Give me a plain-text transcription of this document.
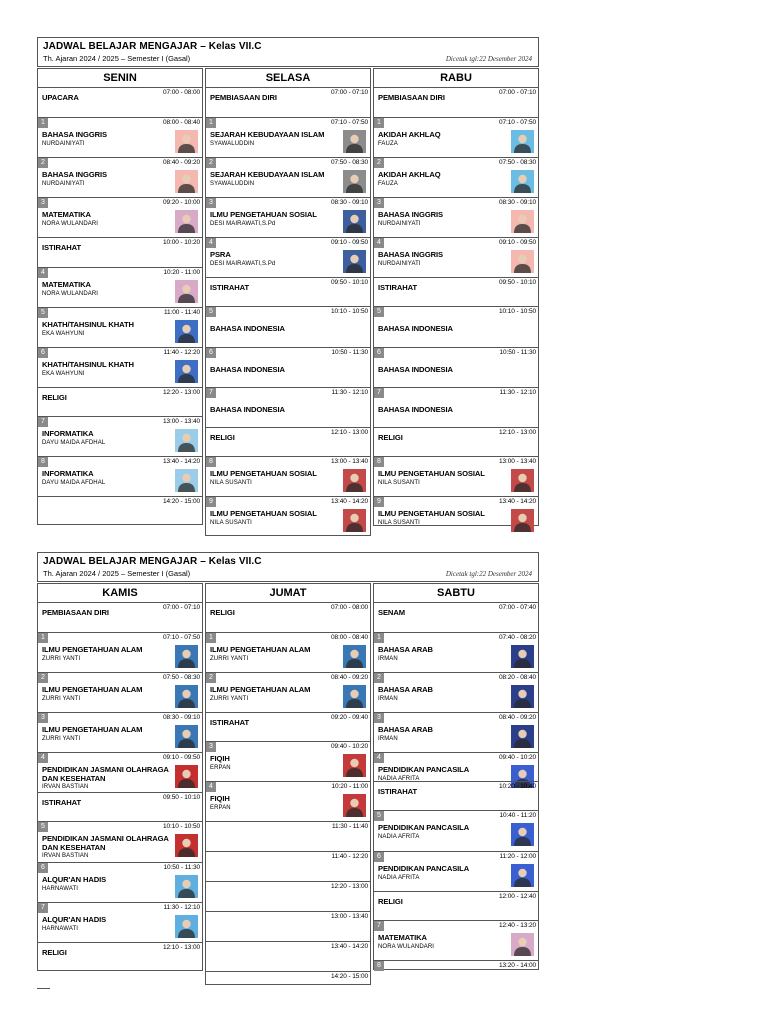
JADWAL BELAJAR MENGAJAR – Kelas VII.C
Th. Ajaran 2024 / 2025 – Semester I (Gasal)	Dicetak tgl:22 Desember 2024
SENIN
07:00 - 08:00
UPACARA
1	08:00 - 08:40
BAHASA INGGRIS
NURDAINIYATI
2	08:40 - 09:20
BAHASA INGGRIS
NURDAINIYATI
3	09:20 - 10:00
MATEMATIKA
NORA WULANDARI
10:00 - 10:20
ISTIRAHAT
4	10:20 - 11:00
MATEMATIKA
NORA WULANDARI
5	11:00 - 11:40
KHATH/TAHSINUL KHATH
EKA WAHYUNI
6	11:40 - 12:20
KHATH/TAHSINUL KHATH
EKA WAHYUNI
12:20 - 13:00
RELIGI
7	13:00 - 13:40
INFORMATIKA
DAYU MAIDA AFDHAL
8	13:40 - 14:20
INFORMATIKA
DAYU MAIDA AFDHAL
14:20 - 15:00
SELASA
07:00 - 07:10
PEMBIASAAN DIRI
1	07:10 - 07:50
SEJARAH KEBUDAYAAN ISLAM
SYAWALUDDIN
2	07:50 - 08:30
SEJARAH KEBUDAYAAN ISLAM
SYAWALUDDIN
3	08:30 - 09:10
ILMU PENGETAHUAN SOSIAL
DESI MAIRAWATI,S.Pd
4	09:10 - 09:50
PSRA
DESI MAIRAWATI,S.Pd
09:50 - 10:10
ISTIRAHAT
5	10:10 - 10:50
BAHASA INDONESIA
6	10:50 - 11:30
BAHASA INDONESIA
7	11:30 - 12:10
BAHASA INDONESIA
12:10 - 13:00
RELIGI
8	13:00 - 13:40
ILMU PENGETAHUAN SOSIAL
NILA SUSANTI
9	13:40 - 14:20
ILMU PENGETAHUAN SOSIAL
NILA SUSANTI
RABU
07:00 - 07:10
PEMBIASAAN DIRI
1	07:10 - 07:50
AKIDAH AKHLAQ
FAUZA
2	07:50 - 08:30
AKIDAH AKHLAQ
FAUZA
3	08:30 - 09:10
BAHASA INGGRIS
NURDAINIYATI
4	09:10 - 09:50
BAHASA INGGRIS
NURDAINIYATI
09:50 - 10:10
ISTIRAHAT
5	10:10 - 10:50
BAHASA INDONESIA
6	10:50 - 11:30
BAHASA INDONESIA
7	11:30 - 12:10
BAHASA INDONESIA
12:10 - 13:00
RELIGI
8	13:00 - 13:40
ILMU PENGETAHUAN SOSIAL
NILA SUSANTI
9	13:40 - 14:20
ILMU PENGETAHUAN SOSIAL
NILA SUSANTI
JADWAL BELAJAR MENGAJAR – Kelas VII.C
Th. Ajaran 2024 / 2025 – Semester I (Gasal)	Dicetak tgl:22 Desember 2024
KAMIS
07:00 - 07:10
PEMBIASAAN DIRI
1	07:10 - 07:50
ILMU PENGETAHUAN ALAM
ZURRI YANTI
2	07:50 - 08:30
ILMU PENGETAHUAN ALAM
ZURRI YANTI
3	08:30 - 09:10
ILMU PENGETAHUAN ALAM
ZURRI YANTI
4	09:10 - 09:50
PENDIDIKAN JASMANI OLAHRAGA DAN KESEHATAN
IRVAN BASTIAN
09:50 - 10:10
ISTIRAHAT
5	10:10 - 10:50
PENDIDIKAN JASMANI OLAHRAGA DAN KESEHATAN
IRVAN BASTIAN
6	10:50 - 11:30
ALQUR'AN HADIS
HARNAWATI
7	11:30 - 12:10
ALQUR'AN HADIS
HARNAWATI
12:10 - 13:00
RELIGI
JUMAT
07:00 - 08:00
RELIGI
1	08:00 - 08:40
ILMU PENGETAHUAN ALAM
ZURRI YANTI
2	08:40 - 09:20
ILMU PENGETAHUAN ALAM
ZURRI YANTI
09:20 - 09:40
ISTIRAHAT
3	09:40 - 10:20
FIQIH
ERPAN
4	10:20 - 11:00
FIQIH
ERPAN
11:30 - 11:40
11:40 - 12:20
12:20 - 13:00
13:00 - 13:40
13:40 - 14:20
14:20 - 15:00
SABTU
07:00 - 07:40
SENAM
1	07:40 - 08:20
BAHASA ARAB
IRMAN
2	08:20 - 08:40
BAHASA ARAB
IRMAN
3	08:40 - 09:20
BAHASA ARAB
IRMAN
4	09:40 - 10:20
PENDIDIKAN PANCASILA
NADIA AFRITA
10:20 - 10:40
ISTIRAHAT
5	10:40 - 11:20
PENDIDIKAN PANCASILA
NADIA AFRITA
6	11:20 - 12:00
PENDIDIKAN PANCASILA
NADIA AFRITA
12:00 - 12:40
RELIGI
7	12:40 - 13:20
MATEMATIKA
NORA WULANDARI
8	13:20 - 14:00
